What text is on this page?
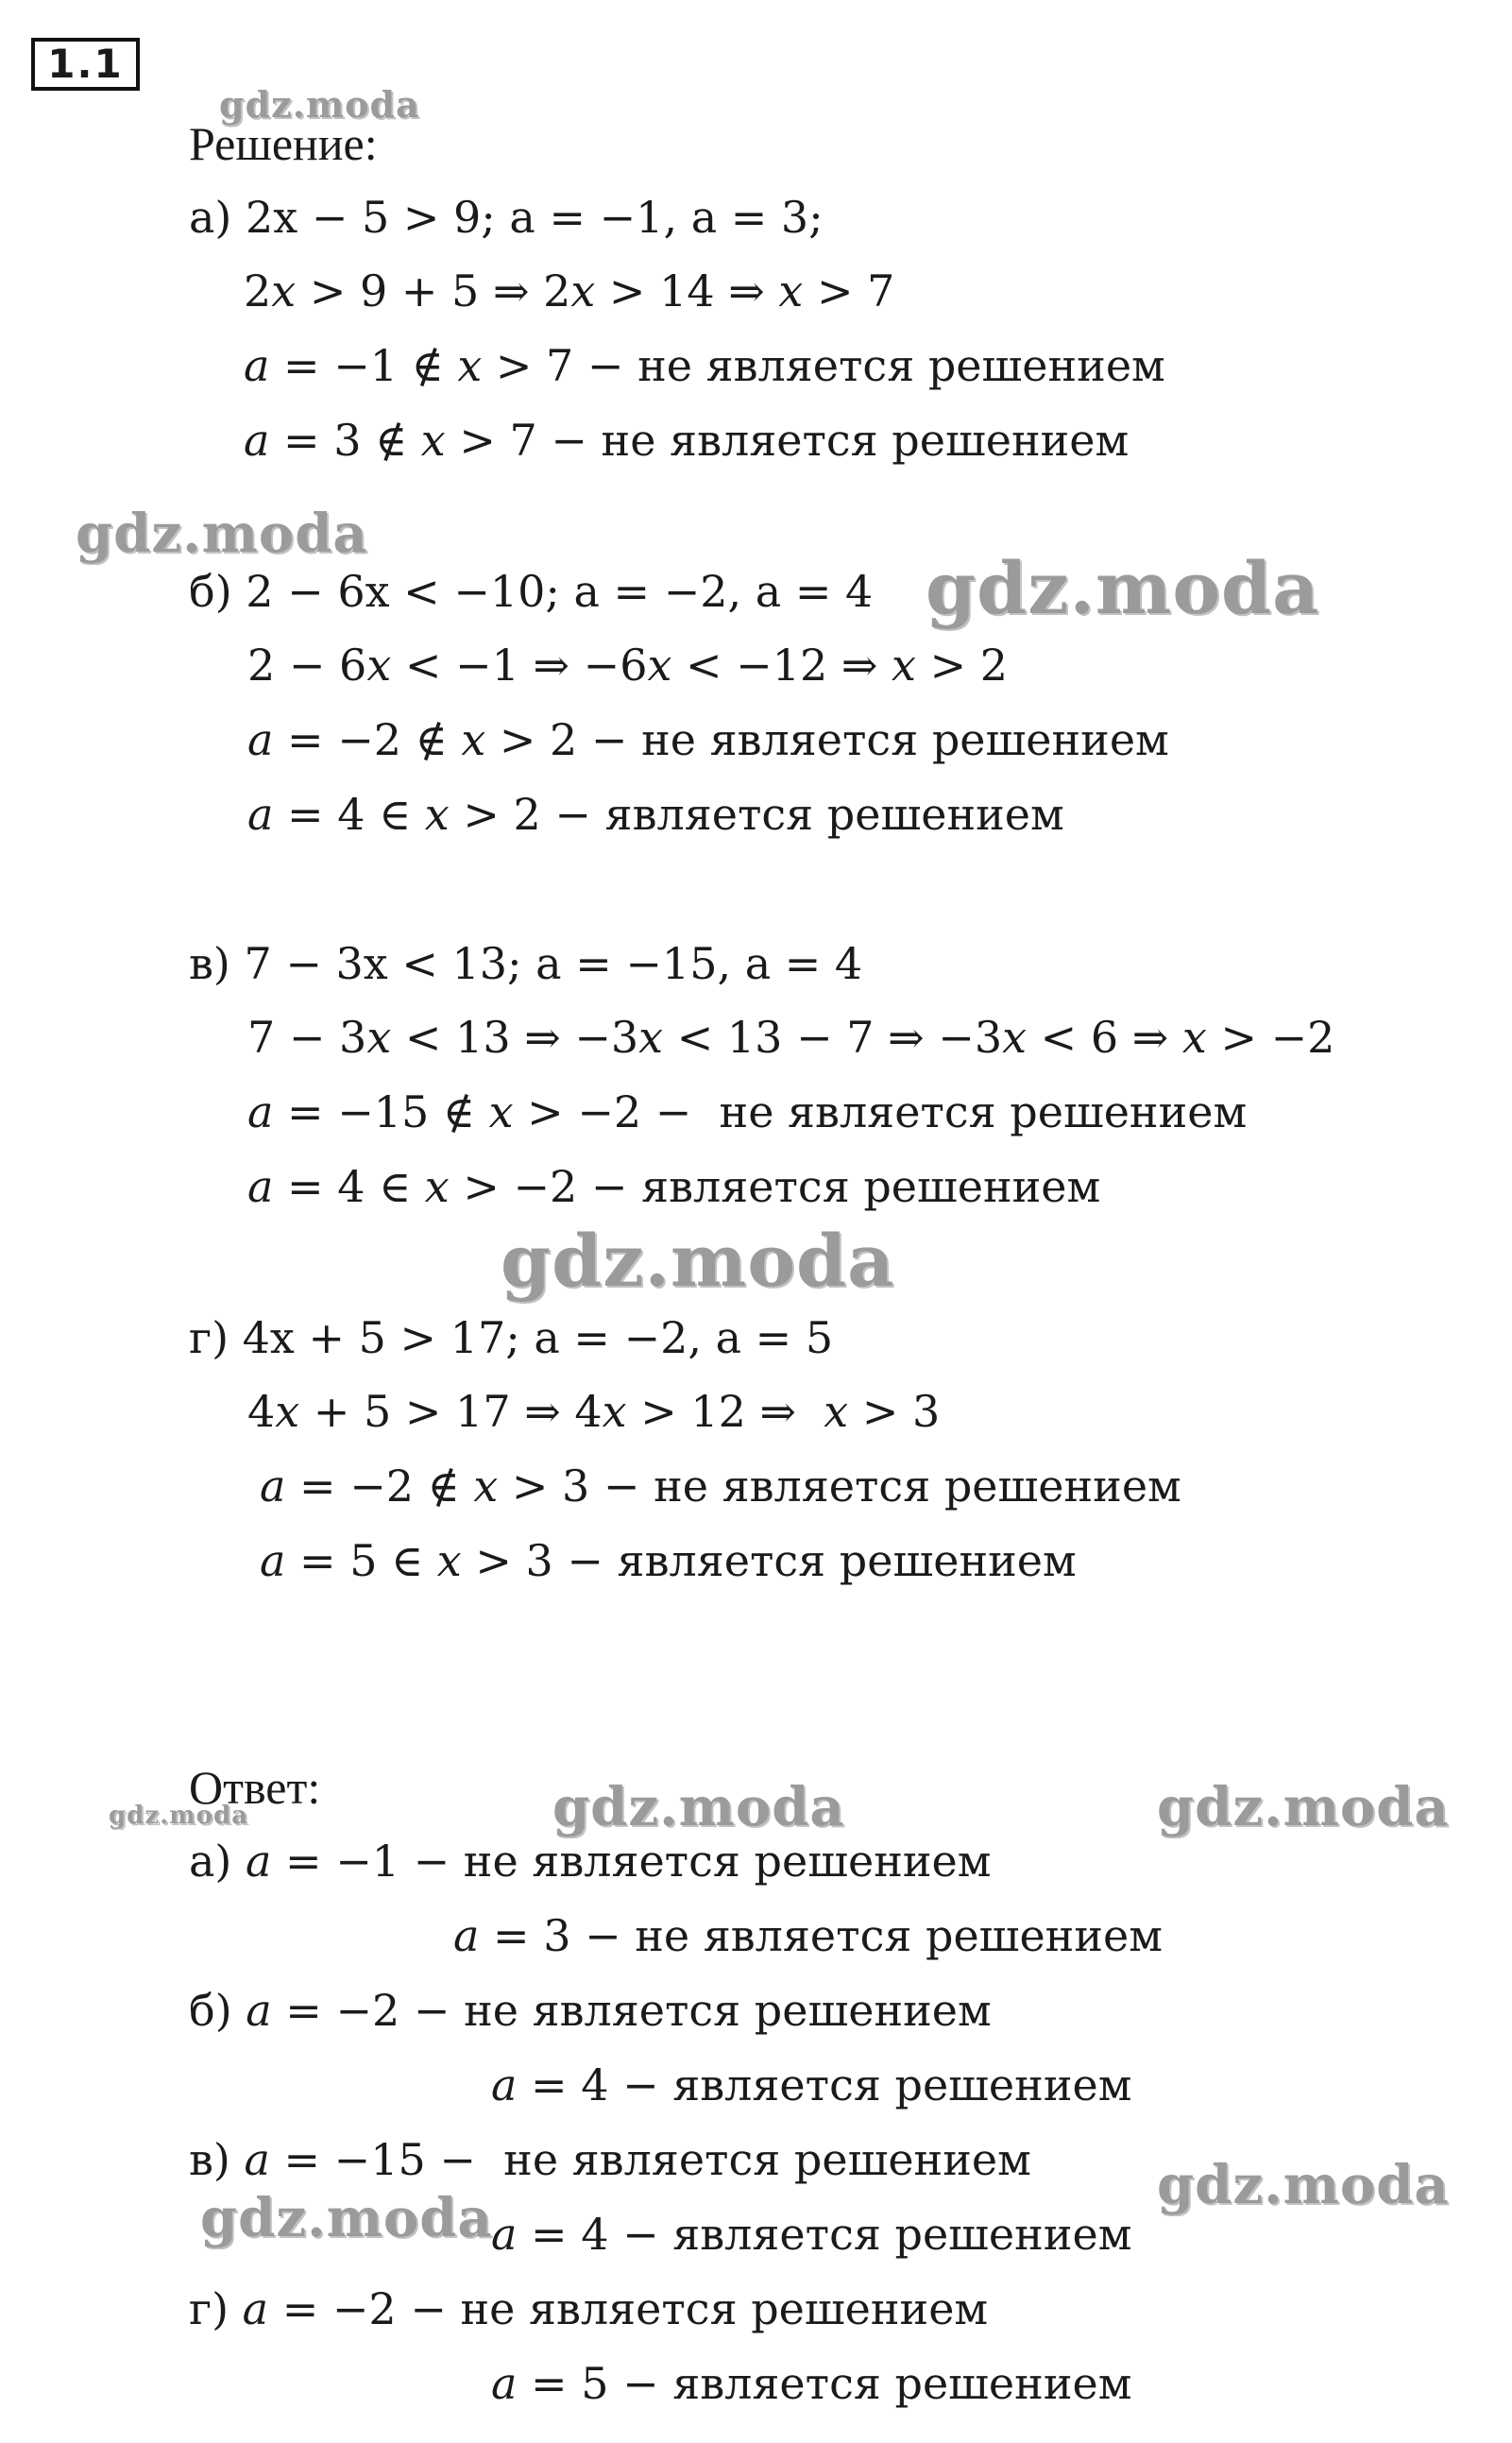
1.1
Решение:
а) 2x − 5 > 9; a = −1, a = 3;
2𝑥 > 9 + 5 ⇒ 2𝑥 > 14 ⇒ 𝑥 > 7
𝑎 = −1 ∉ 𝑥 > 7 − не является решением
𝑎 = 3 ∉ 𝑥 > 7 − не является решением
б) 2 − 6x < −10; a = −2, a = 4
2 − 6𝑥 < −1 ⇒ −6𝑥 < −12 ⇒ 𝑥 > 2
𝑎 = −2 ∉ 𝑥 > 2 − не является решением
𝑎 = 4 ∈ 𝑥 > 2 − является решением
в) 7 − 3x < 13; a = −15, a = 4
7 − 3𝑥 < 13 ⇒ −3𝑥 < 13 − 7 ⇒ −3𝑥 < 6 ⇒ 𝑥 > −2
𝑎 = −15 ∉ 𝑥 > −2 −  не является решением
𝑎 = 4 ∈ 𝑥 > −2 − является решением
г) 4x + 5 > 17; a = −2, a = 5
4𝑥 + 5 > 17 ⇒ 4𝑥 > 12 ⇒  𝑥 > 3
𝑎 = −2 ∉ 𝑥 > 3 − не является решением
𝑎 = 5 ∈ 𝑥 > 3 − является решением
Ответ:
а) 𝑎 = −1 − не является решением
𝑎 = 3 − не является решением
б) 𝑎 = −2 − не является решением
𝑎 = 4 − является решением
в) 𝑎 = −15 −  не является решением
𝑎 = 4 − является решением
г) 𝑎 = −2 − не является решением
𝑎 = 5 − является решением
gdz.moda
gdz.moda
gdz.moda
gdz.moda
gdz.moda	gdz.moda	gdz.moda
gdz.moda
gdz.moda
